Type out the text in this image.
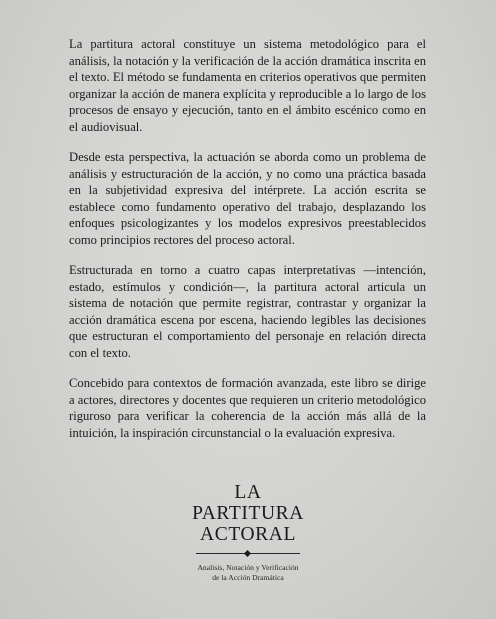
La partitura actoral constituye un sistema metodológico para el análisis, la notación y la verificación de la acción dramática inscrita en el texto. El método se fundamenta en criterios operativos que permiten organizar la acción de manera explícita y reproducible a lo largo de los procesos de ensayo y ejecución, tanto en el ámbito escénico como en el audiovisual.

Desde esta perspectiva, la actuación se aborda como un problema de análisis y estructuración de la acción, y no como una práctica basada en la subjetividad expresiva del intérprete. La acción escrita se establece como fundamento operativo del trabajo, desplazando los enfoques psicologizantes y los modelos expresivos preestablecidos como principios rectores del proceso actoral.

Estructurada en torno a cuatro capas interpretativas —intención, estado, estímulos y condición—, la partitura actoral articula un sistema de notación que permite registrar, contrastar y organizar la acción dramática escena por escena, haciendo legibles las decisiones que estructuran el comportamiento del personaje en relación directa con el texto.

Concebido para contextos de formación avanzada, este libro se dirige a actores, directores y docentes que requieren un criterio metodológico riguroso para verificar la coherencia de la acción más allá de la intuición, la inspiración circunstancial o la evaluación expresiva.

LA
PARTITURA
ACTORAL
Analisis, Notación y Verificación
de la Acción Dramática
